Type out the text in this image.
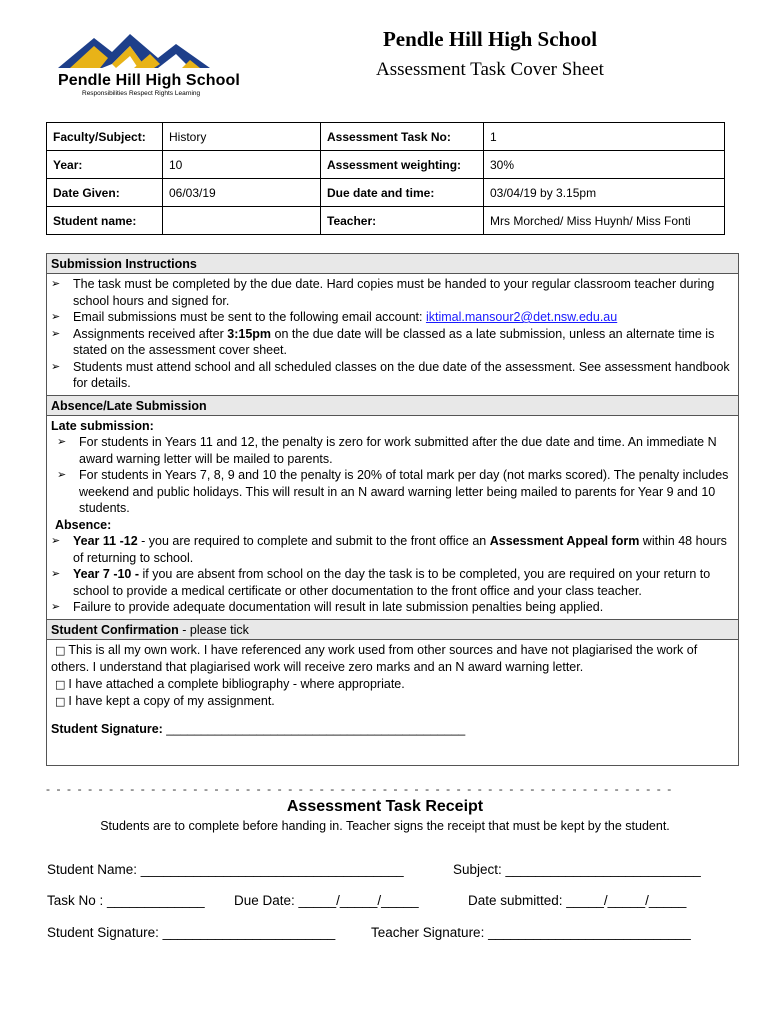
Pendle Hill High School
Responsibilities Respect Rights Learning
Pendle Hill High School
Assessment Task Cover Sheet
Faculty/Subject:	History	Assessment Task No:	1
Year:	10	Assessment weighting:	30%
Date Given:	06/03/19	Due date and time:	03/04/19 by 3.15pm
Student name:		Teacher:	Mrs Morched/ Miss Huynh/ Miss Fonti
Submission Instructions
➢ The task must be completed by the due date. Hard copies must be handed to your regular classroom teacher during school hours and signed for.
➢ Email submissions must be sent to the following email account: iktimal.mansour2@det.nsw.edu.au
➢ Assignments received after 3:15pm on the due date will be classed as a late submission, unless an alternate time is stated on the assessment cover sheet.
➢ Students must attend school and all scheduled classes on the due date of the assessment. See assessment handbook for details.
Absence/Late Submission
Late submission:
➢ For students in Years 11 and 12, the penalty is zero for work submitted after the due date and time. An immediate N award warning letter will be mailed to parents.
➢ For students in Years 7, 8, 9 and 10 the penalty is 20% of total mark per day (not marks scored). The penalty includes weekend and public holidays. This will result in an N award warning letter being mailed to parents for Year 9 and 10 students.
Absence:
➢ Year 11 -12 - you are required to complete and submit to the front office an Assessment Appeal form within 48 hours of returning to school.
➢ Year 7 -10 - if you are absent from school on the day the task is to be completed, you are required on your return to school to provide a medical certificate or other documentation to the front office and your class teacher.
➢ Failure to provide adequate documentation will result in late submission penalties being applied.
Student Confirmation - please tick
□ This is all my own work. I have referenced any work used from other sources and have not plagiarised the work of others. I understand that plagiarised work will receive zero marks and an N award warning letter.
□ I have attached a complete bibliography - where appropriate.
□ I have kept a copy of my assignment.
Student Signature: ___________________________________________
- - - - - - - - - - - - - - - - - - - - - - - - - - - - - - - - - - - - - - - - - - - - - - - - - - - - - - - - - - - -
Assessment Task Receipt
Students are to complete before handing in. Teacher signs the receipt that must be kept by the student.
Student Name: ___________________________________	Subject: __________________________
Task No : _____________ Due Date: _____/_____/_____	Date submitted: _____/_____/_____
Student Signature: _______________________	Teacher Signature: ___________________________
